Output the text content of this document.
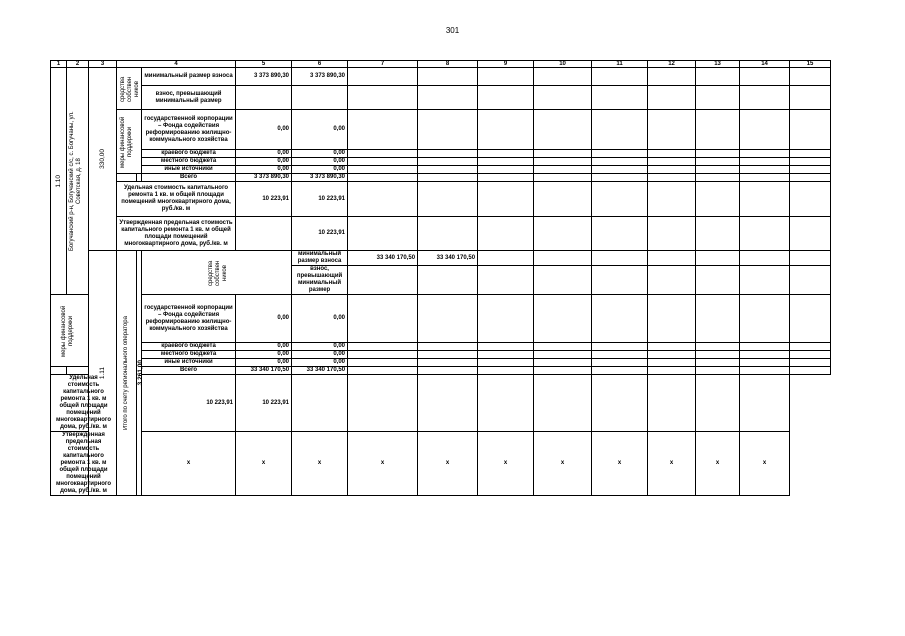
301
1	2	3	4			5	6	7	8	9	10	11	12	13	14	15	

1.10	Богучанский р-н, Богучанский с/с, с. Богучаны, ул. Советская, д. 18	330,00	средства собствен ников		минимальный размер взноса	3 373 890,30	3 373 890,30										
					взнос, превышающий минимальный размер												

			меры финансовой поддержки		государственной корпорации – Фонда содействия реформированию жилищно-коммунального хозяйства	0,00	0,00										
					краевого бюджета	0,00	0,00										
					местного бюджета	0,00	0,00										
					иные источники	0,00	0,00										
					Всего	3 373 890,30	3 373 890,30										
			Удельная стоимость капитального ремонта 1 кв. м общей площади помещений многоквартирного дома, руб./кв. м			10 223,91	10 223,91										
			Утвержденная предельная стоимость капитального ремонта 1 кв. м общей площади помещений многоквартирного дома, руб./кв. м				10 223,91										

		1.11	Итого по счету регионального оператора	3 261,00	средства собствен ников		минимальный размер взноса	33 340 170,50	33 340 170,50									
							взнос, превышающий минимальный размер											

меры финансовой поддержки					государственной корпорации – Фонда содействия реформированию жилищно-коммунального хозяйства	0,00	0,00										
					краевого бюджета	0,00	0,00										
					местного бюджета	0,00	0,00										
					иные источники	0,00	0,00										
					Всего	33 340 170,50	33 340 170,50										
Удельная стоимость капитального ремонта 1 кв. м общей площади помещений многоквартирного дома, руб./кв. м					10 223,91	10 223,91											
Утвержденная предельная стоимость капитального ремонта 1 кв. м общей площади помещений многоквартирного дома, руб./кв. м					x	x	x	x	x	x	x	x	x	x	x		
